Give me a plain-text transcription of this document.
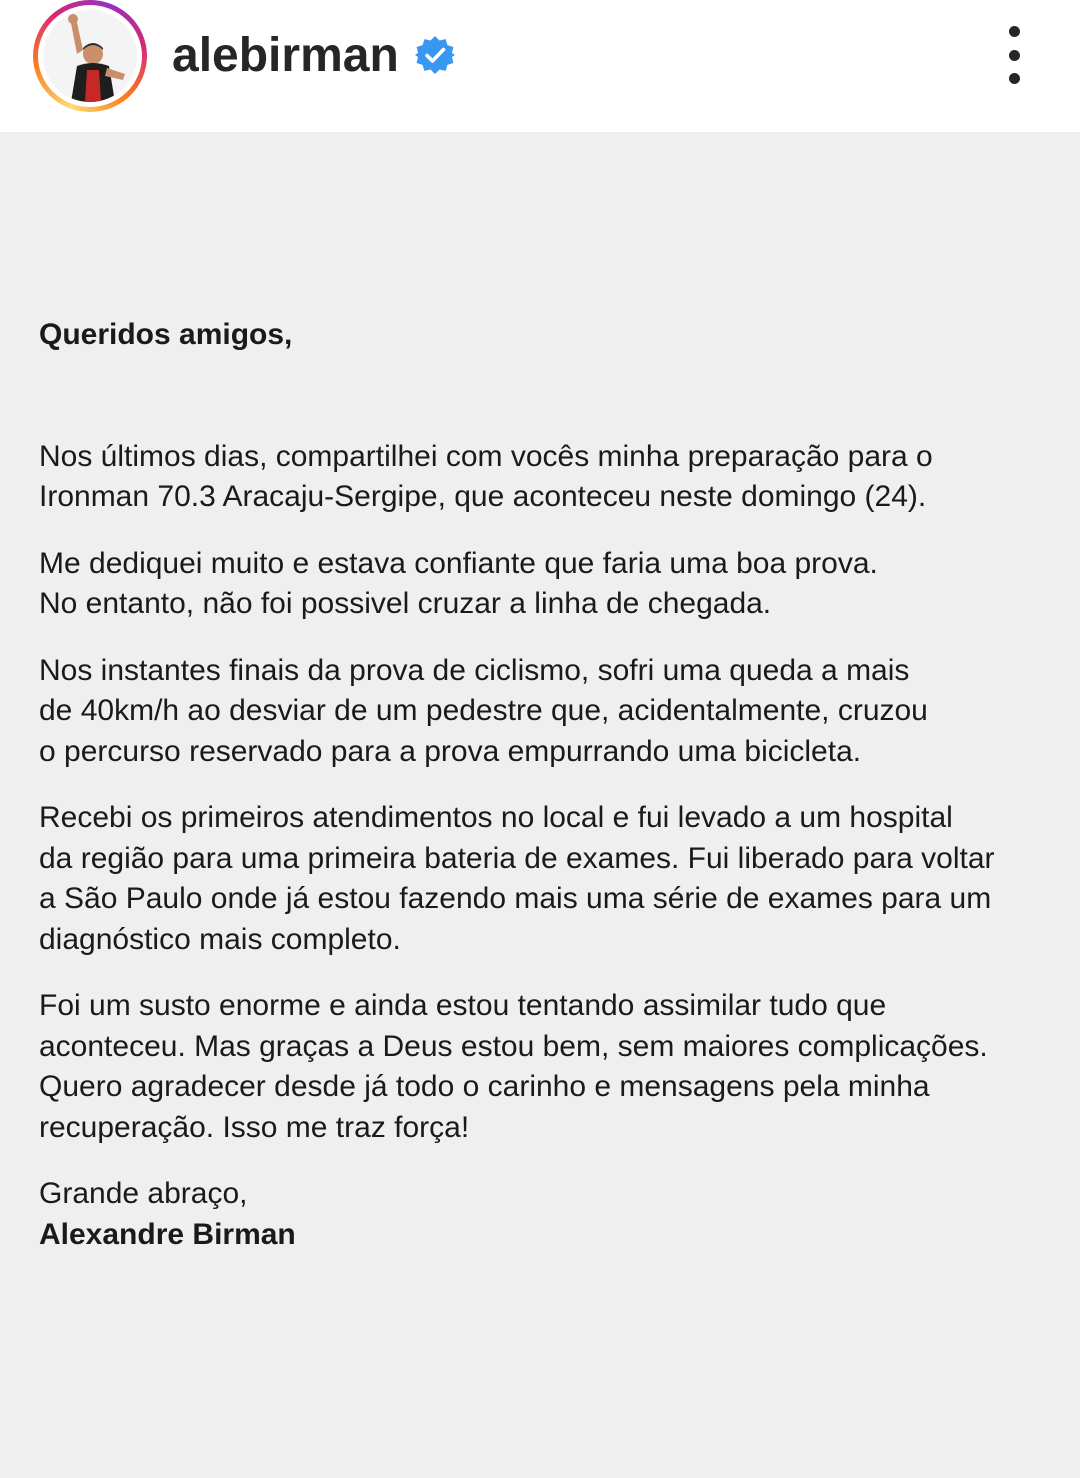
alebirman

Queridos amigos,

Nos últimos dias, compartilhei com vocês minha preparação para o
Ironman 70.3 Aracaju-Sergipe, que aconteceu neste domingo (24).

Me dediquei muito e estava confiante que faria uma boa prova.
No entanto, não foi possivel cruzar a linha de chegada.

Nos instantes finais da prova de ciclismo, sofri uma queda a mais
de 40km/h ao desviar de um pedestre que, acidentalmente, cruzou
o percurso reservado para a prova empurrando uma bicicleta.

Recebi os primeiros atendimentos no local e fui levado a um hospital
da região para uma primeira bateria de exames. Fui liberado para voltar
a São Paulo onde já estou fazendo mais uma série de exames para um
diagnóstico mais completo.

Foi um susto enorme e ainda estou tentando assimilar tudo que
aconteceu. Mas graças a Deus estou bem, sem maiores complicações.
Quero agradecer desde já todo o carinho e mensagens pela minha
recuperação. Isso me traz força!

Grande abraço,

Alexandre Birman
